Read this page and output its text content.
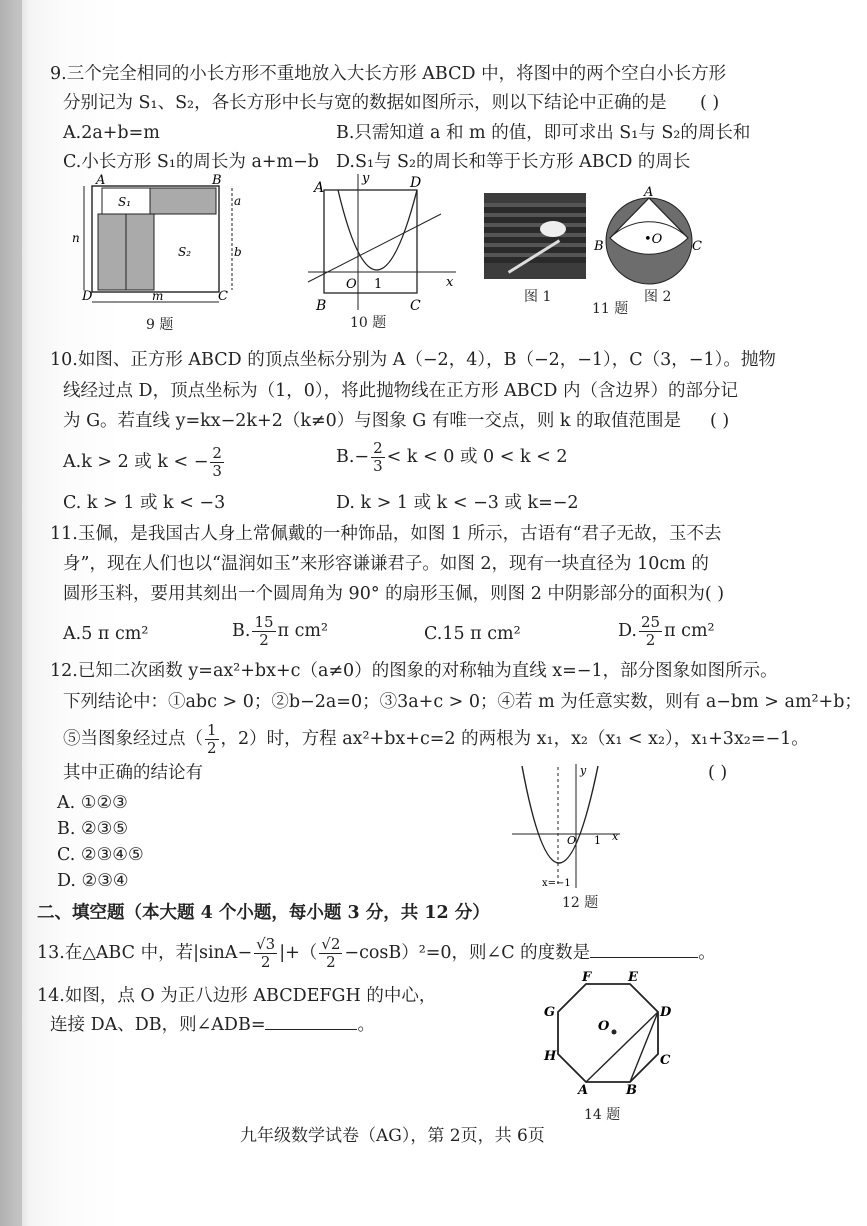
9.三个完全相同的小长方形不重地放入大长方形 ABCD 中，将图中的两个空白小长方形
分别记为 S₁、S₂，各长方形中长与宽的数据如图所示，则以下结论中正确的是 ( )
A.2a+b=m	B.只需知道 a 和 m 的值，即可求出 S₁与 S₂的周长和
C.小长方形 S₁的周长为 a+m−b D.S₁与 S₂的周长和等于长方形 ABCD 的周长
A	B
D	C
S₁
S₂
a
b
n
m
9 题
A	D
B	C
y
x
O 1
10 题
图 1
A
B	C
•O
图 2
11 题
10.如图、正方形 ABCD 的顶点坐标分别为 A（−2，4），B（−2，−1），C（3，−1）。抛物
线经过点 D，顶点坐标为（1，0），将此抛物线在正方形 ABCD 内（含边界）的部分记
为 G。若直线 y=kx−2k+2（k≠0）与图象 G 有唯一交点，则 k 的取值范围是 ( )
A.k > 2 或 k < − $\frac{2}{3}$	$B.- \frac{2}{3} < k < 0$ 或 0 < k < 2
C. k > 1 或 k < −3	D. k > 1 或 k < −3 或 k=−2
11.玉佩，是我国古人身上常佩戴的一种饰品，如图 1 所示，古语有“君子无故，玉不去
身”，现在人们也以“温润如玉”来形容谦谦君子。如图 2，现有一块直径为 10cm 的
圆形玉料，要用其刻出一个圆周角为 90° 的扇形玉佩，则图 2 中阴影部分的面积为( )
A.5 π cm²	B. $\frac{15}{2}$ π cm²	C.15 π cm²	D. $\frac{25}{2}$ π cm²
12.已知二次函数 y=ax²+bx+c（a≠0）的图象的对称轴为直线 x=−1，部分图象如图所示。
下列结论中：①abc > 0；②b−2a=0；③3a+c > 0；④若 m 为任意实数，则有 a−bm > am²+b；
⑤当图象经过点（ $\frac{1}{2}$ ，2）时，方程 ax²+bx+c=2 的两根为 x₁，x₂（x₁ < x₂），x₁+3x₂=−1。
其中正确的结论有	( )
A. ①②③
B. ②③⑤
C. ②③④⑤
D. ②③④
y
x
O 1
x=−1
12 题
二、填空题（本大题 4 个小题，每小题 3 分，共 12 分）
13.在△ABC 中，若$|\sin A- \frac{√3}{2}$ |+（ $\frac{√2}{2} -\cos B)^2=0$，则∠C 的度数是	。
14.如图，点 O 为正八边形 ABCDEFGH 的中心，
连接 DA、DB，则∠ADB=	。
F	E
G	D
H	C
A	B
O
14 题
九年级数学试卷（AG），第 2页，共 6页
